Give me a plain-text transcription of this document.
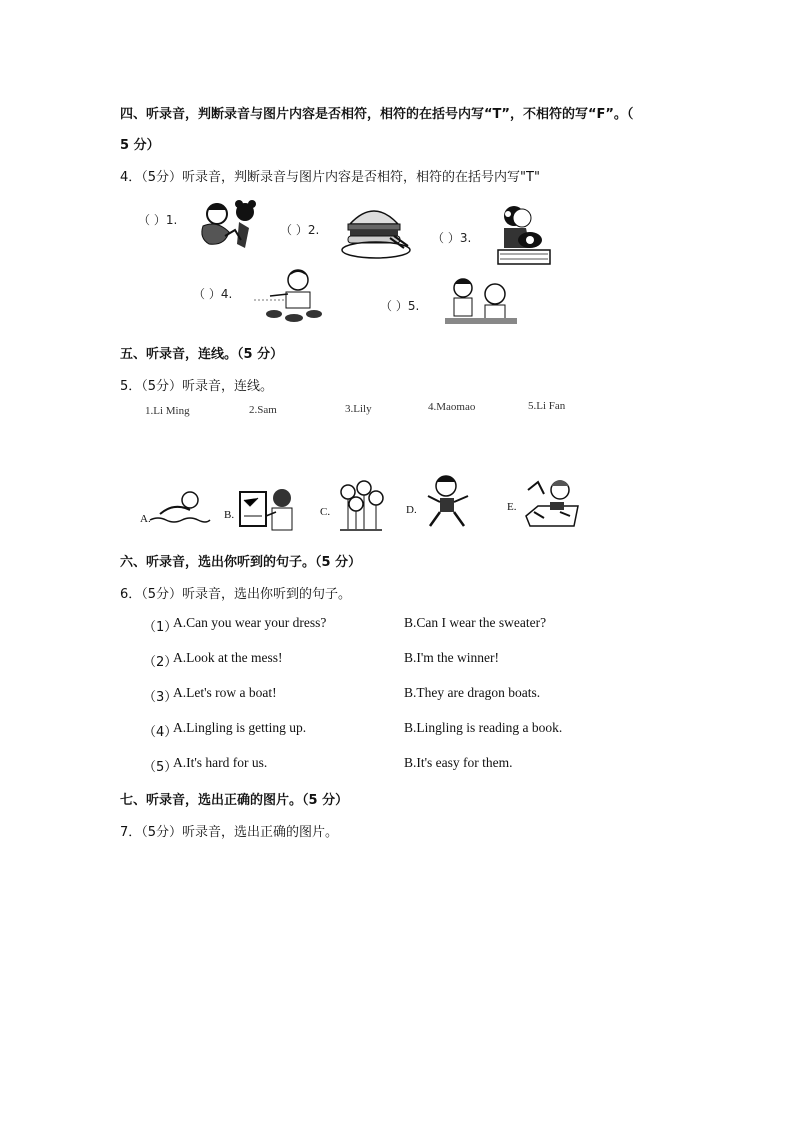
四、听录音，判断录音与图片内容是否相符，相符的在括号内写“T”，不相符的写“F”。（
5 分）
4．（5分）听录音，判断录音与图片内容是否相符，相符的在括号内写"T"
（ ）1.
（ ）2.
（ ）3.
（ ）4.
（ ）5.
五、听录音，连线。（5 分）
5．（5分）听录音，连线。
1.Li Ming	2.Sam	3.Lily	4.Maomao	5.Li Fan
A.	B.	C.	D.	E.
六、听录音，选出你听到的句子。（5 分）
6．（5分）听录音，选出你听到的句子。
（1）
A.Can you wear your dress?	B.Can I wear the sweater?
（2）
A.Look at the mess!	B.I'm the winner!
（3）
A.Let's row a boat!	B.They are dragon boats.
（4）
A.Lingling is getting up.	B.Lingling is reading a book.
（5）
A.It's hard for us.	B.It's easy for them.
七、听录音，选出正确的图片。（5 分）
7．（5分）听录音，选出正确的图片。
